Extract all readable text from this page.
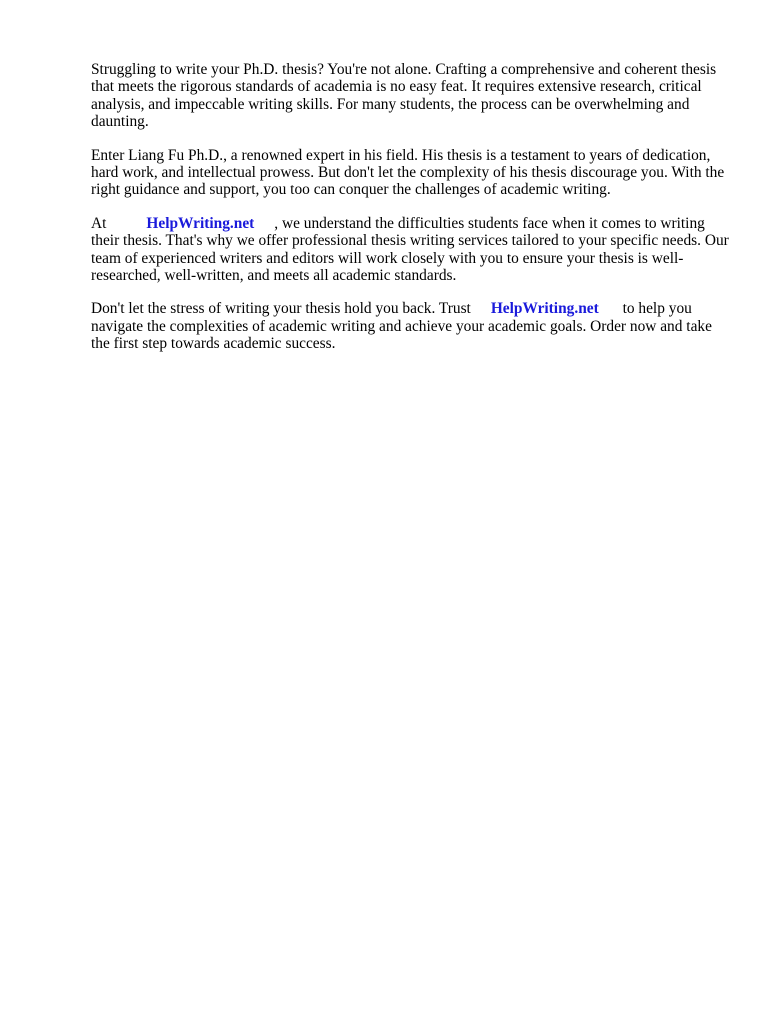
Struggling to write your Ph.D. thesis? You're not alone. Crafting a comprehensive and coherent thesis that meets the rigorous standards of academia is no easy feat. It requires extensive research, critical analysis, and impeccable writing skills. For many students, the process can be overwhelming and daunting.

Enter Liang Fu Ph.D., a renowned expert in his field. His thesis is a testament to years of dedication, hard work, and intellectual prowess. But don't let the complexity of his thesis discourage you. With the right guidance and support, you too can conquer the challenges of academic writing.

At	HelpWriting.net , we understand the difficulties students face when it comes to writing their thesis. That's why we offer professional thesis writing services tailored to your specific needs. Our team of experienced writers and editors will work closely with you to ensure your thesis is well-researched, well-written, and meets all academic standards.

Don't let the stress of writing your thesis hold you back. Trust HelpWriting.net to help you navigate the complexities of academic writing and achieve your academic goals. Order now and take the first step towards academic success.
